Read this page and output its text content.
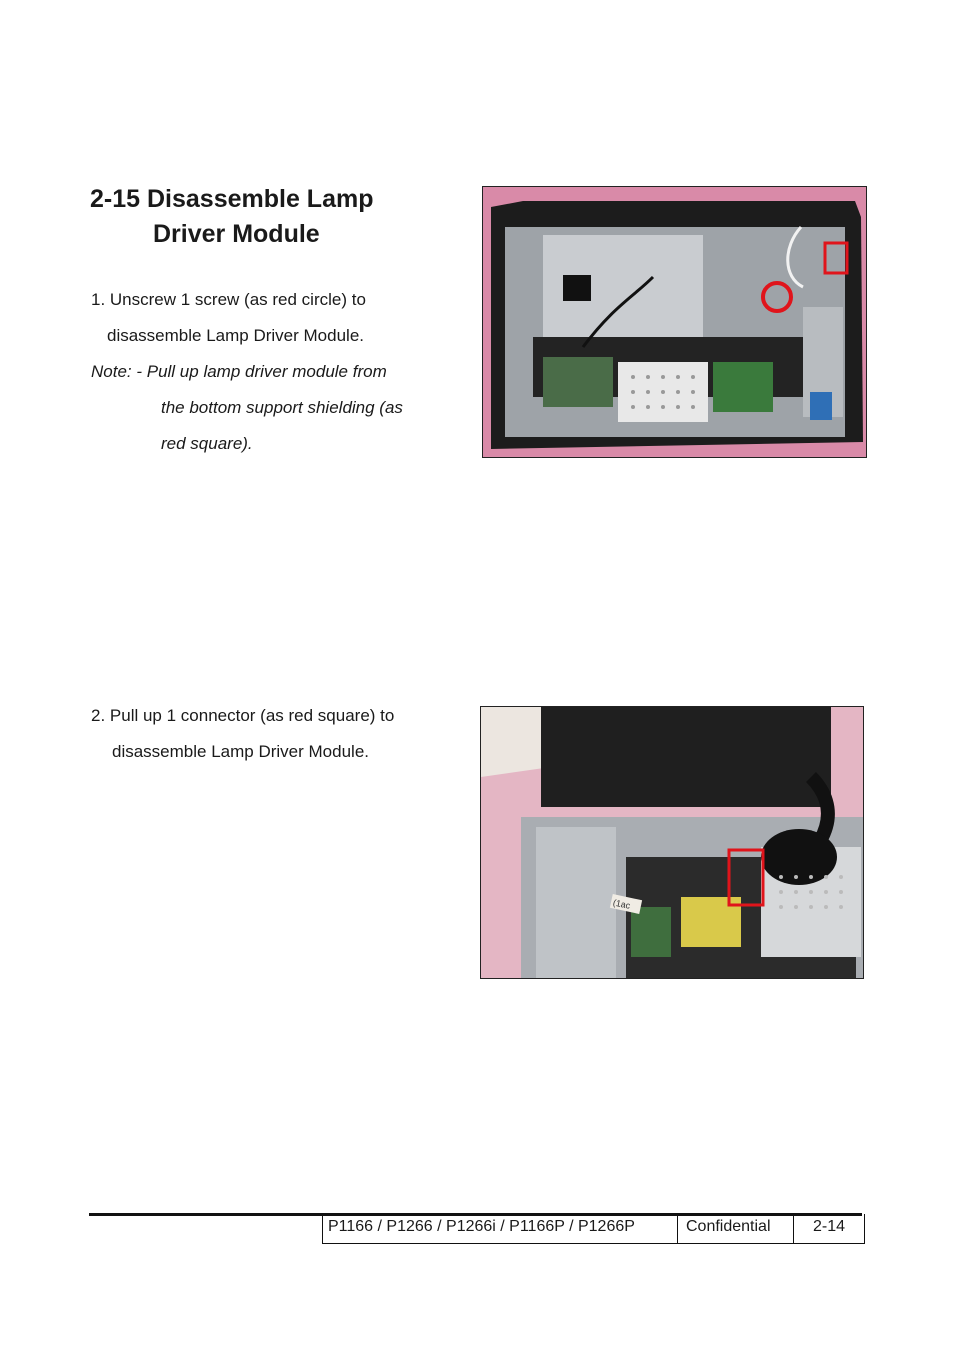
2-15 Disassemble Lamp
Driver Module
1. Unscrew 1 screw (as red circle) to
disassemble Lamp Driver Module.
Note: - Pull up lamp driver module from
the bottom support shielding (as
red square).
2. Pull up 1 connector (as red square) to
disassemble Lamp Driver Module.
(1ac
P1166 / P1266 / P1266i / P1166P / P1266P	Confidential	2-14
